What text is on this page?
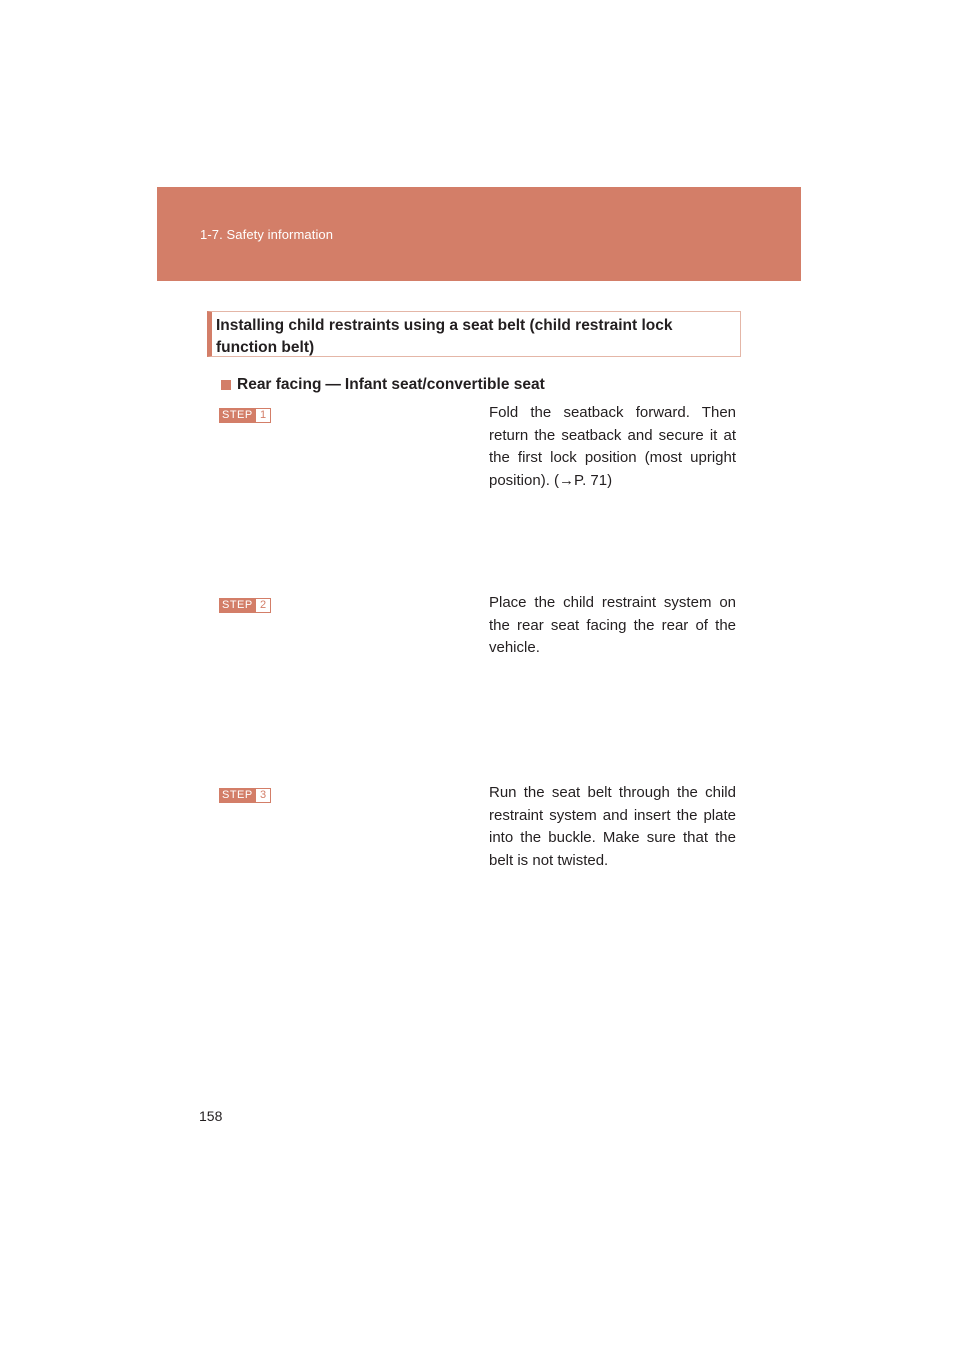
1-7. Safety information
Installing child restraints using a seat belt (child restraint lock function belt)
Rear facing — Infant seat/convertible seat
STEP 1	Fold the seatback forward. Then return the seatback and secure it at the first lock position (most upright position). (→P. 71)
STEP 2	Place the child restraint system on the rear seat facing the rear of the vehicle.
STEP 3	Run the seat belt through the child restraint system and insert the plate into the buckle. Make sure that the belt is not twisted.
158
